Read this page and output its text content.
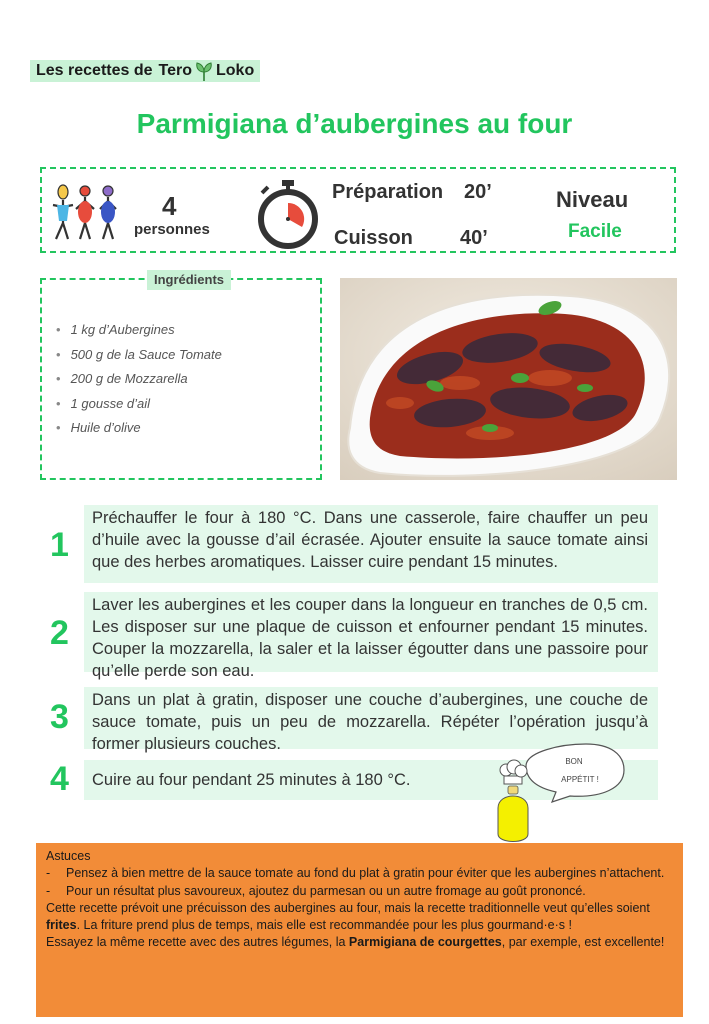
Les recettes de Tero Loko
Parmigiana d’aubergines au four
4
personnes
Préparation 20’
Cuisson 40’
Niveau
Facile
Ingrédients
• 1 kg d’Aubergines
• 500 g de la Sauce Tomate
• 200 g de Mozzarella
• 1 gousse d’ail
• Huile d’olive
1
Préchauffer le four à 180 °C. Dans une casserole, faire chauffer un peu d’huile avec la gousse d’ail écrasée. Ajouter ensuite la sauce tomate ainsi que des herbes aromatiques. Laisser cuire pendant 15 minutes.
2
Laver les aubergines et les couper dans la longueur en tranches de 0,5 cm. Les disposer sur une plaque de cuisson et enfourner pendant 15 minutes. Couper la mozzarella, la saler et la laisser égoutter dans une passoire pour qu’elle perde son eau.
3	Dans un plat à gratin, disposer une couche d’aubergines, une couche de sauce tomate, puis un peu de mozzarella. Répéter l’opération jusqu’à former plusieurs couches.
4	Cuire au four pendant 25 minutes à 180 °C.
BON
APPÉTIT !
Astuces
-	Pensez à bien mettre de la sauce tomate au fond du plat à gratin pour éviter que les aubergines n’attachent.
-	Pour un résultat plus savoureux, ajoutez du parmesan ou un autre fromage au goût prononcé.
Cette recette prévoit une précuisson des aubergines au four, mais la recette traditionnelle veut qu’elles soient frites. La friture prend plus de temps, mais elle est recommandée pour les plus gourmand·e·s !
Essayez la même recette avec des autres légumes, la Parmigiana de courgettes, par exemple, est excellente!
